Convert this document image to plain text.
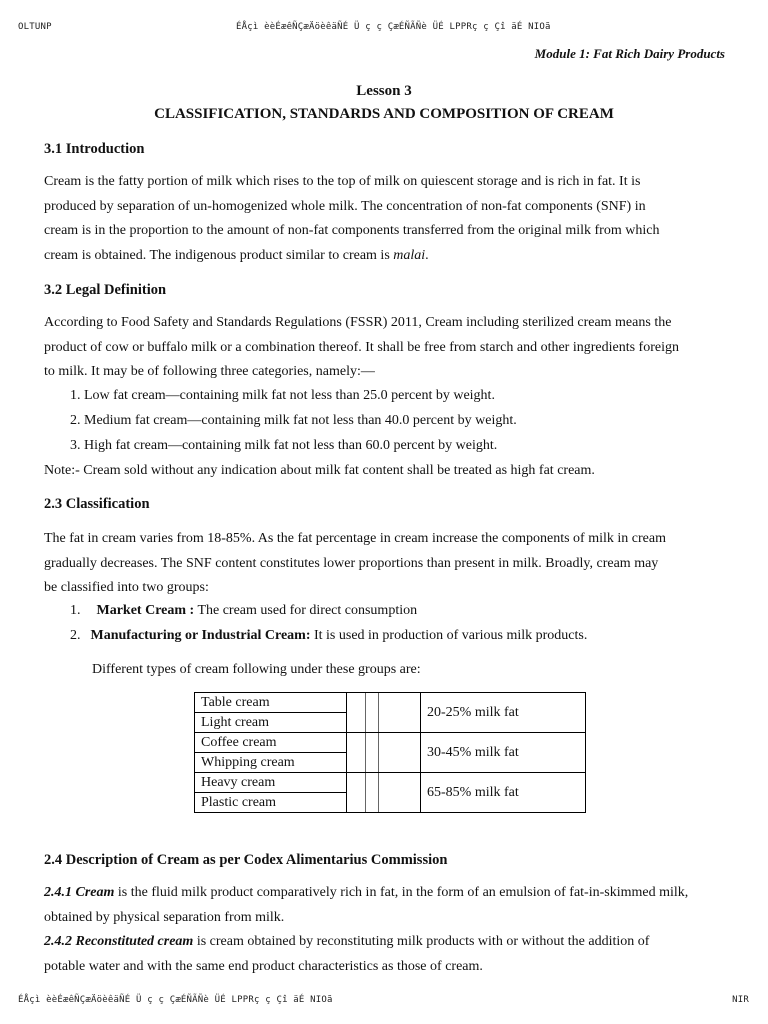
OLTUNP	ÉÅçì èèÉæêÑÇæÄöèêäÑÉ Ü ç ç ÇæÉÑÃÑè ÜÉ LPPRç ç Çî äÉ NIOã
Module 1: Fat Rich Dairy Products
Lesson 3
CLASSIFICATION, STANDARDS AND COMPOSITION OF CREAM
3.1 Introduction
Cream is the fatty portion of milk which rises to the top of milk on quiescent storage and is rich in fat. It is
produced by separation of un-homogenized whole milk. The concentration of non-fat components (SNF) in
cream is in the proportion to the amount of non-fat components transferred from the original milk from which
cream is obtained. The indigenous product similar to cream is malai.
3.2 Legal Definition
According to Food Safety and Standards Regulations (FSSR) 2011, Cream including sterilized cream means the
product of cow or buffalo milk or a combination thereof. It shall be free from starch and other ingredients foreign
to milk. It may be of following three categories, namely:—
1. Low fat cream—containing milk fat not less than 25.0 percent by weight.
2. Medium fat cream—containing milk fat not less than 40.0 percent by weight.
3. High fat cream—containing milk fat not less than 60.0 percent by weight.
Note:- Cream sold without any indication about milk fat content shall be treated as high fat cream.
2.3 Classification
The fat in cream varies from 18-85%. As the fat percentage in cream increase the components of milk in cream
gradually decreases. The SNF content constitutes lower proportions than present in milk. Broadly, cream may
be classified into two groups:
1. Market Cream : The cream used for direct consumption
2. Manufacturing or Industrial Cream: It is used in production of various milk products.
Different types of cream following under these groups are:
Table cream		20-25% milk fat
Light cream		
Coffee cream		30-45% milk fat
Whipping cream		
Heavy cream		65-85% milk fat
Plastic cream		
2.4 Description of Cream as per Codex Alimentarius Commission
2.4.1 Cream is the fluid milk product comparatively rich in fat, in the form of an emulsion of fat-in-skimmed milk,
obtained by physical separation from milk.
2.4.2 Reconstituted cream is cream obtained by reconstituting milk products with or without the addition of
potable water and with the same end product characteristics as those of cream.
ÉÅçì èèÉæêÑÇæÄöèêäÑÉ Ü ç ç ÇæÉÑÃÑè ÜÉ LPPRç ç Çî äÉ NIOã	NIR
